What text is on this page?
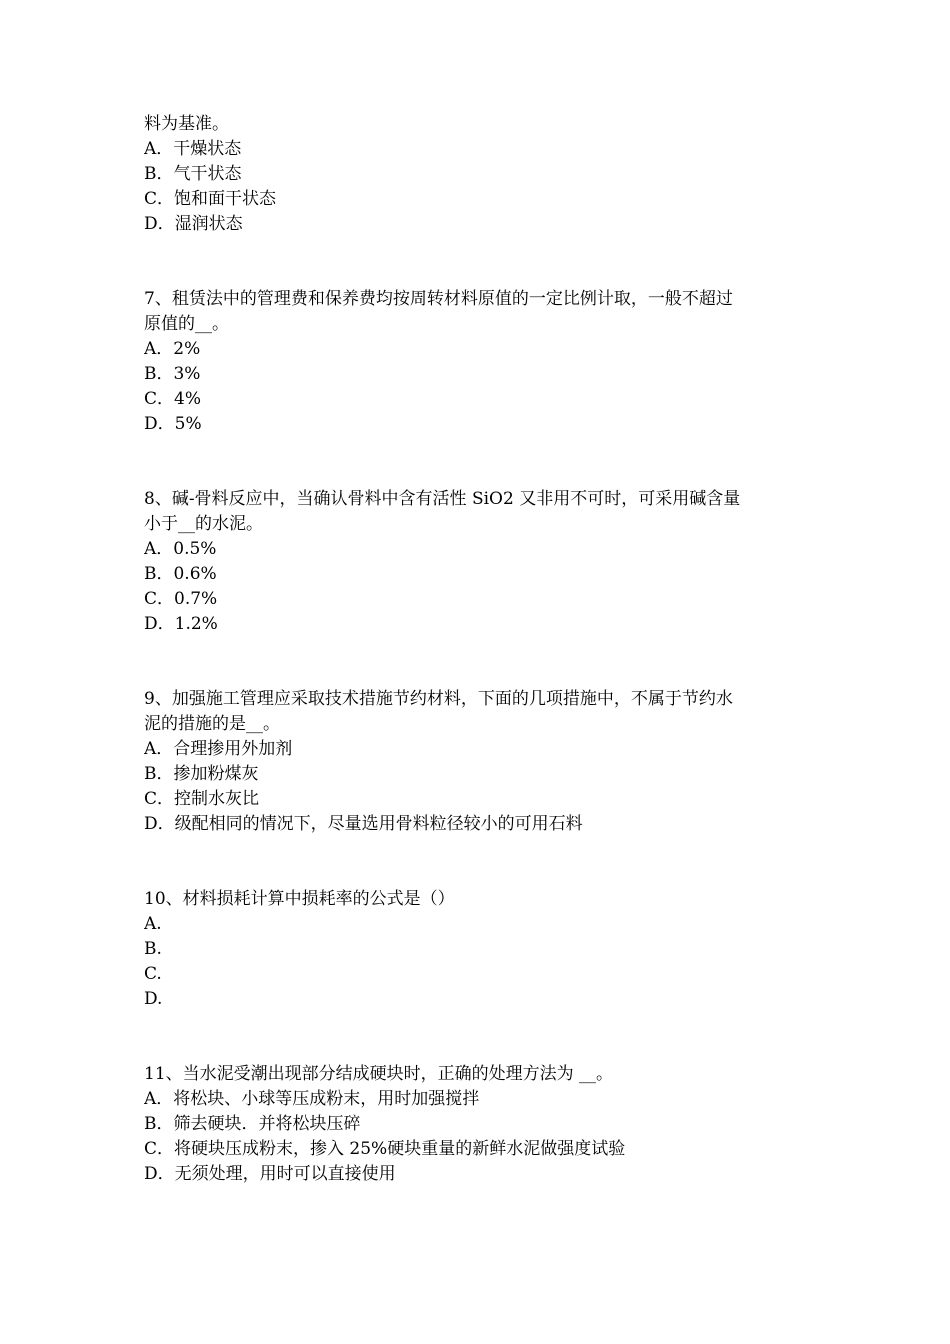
料为基准。
A．干燥状态
B．气干状态
C．饱和面干状态
D．湿润状态
7、租赁法中的管理费和保养费均按周转材料原值的一定比例计取，一般不超过
原值的__。
A．2%
B．3%
C．4%
D．5%
8、碱-骨料反应中，当确认骨料中含有活性 SiO2 又非用不可时，可采用碱含量
小于__的水泥。
A．0.5%
B．0.6%
C．0.7%
D．1.2%
9、加强施工管理应采取技术措施节约材料，下面的几项措施中，不属于节约水
泥的措施的是__。
A．合理掺用外加剂
B．掺加粉煤灰
C．控制水灰比
D．级配相同的情况下，尽量选用骨料粒径较小的可用石料
10、材料损耗计算中损耗率的公式是（）
A.
B.
C.
D.
11、当水泥受潮出现部分结成硬块时，正确的处理方法为 __。
A．将松块、小球等压成粉末，用时加强搅拌
B．筛去硬块．并将松块压碎
C．将硬块压成粉末，掺入 25%硬块重量的新鲜水泥做强度试验
D．无须处理，用时可以直接使用
